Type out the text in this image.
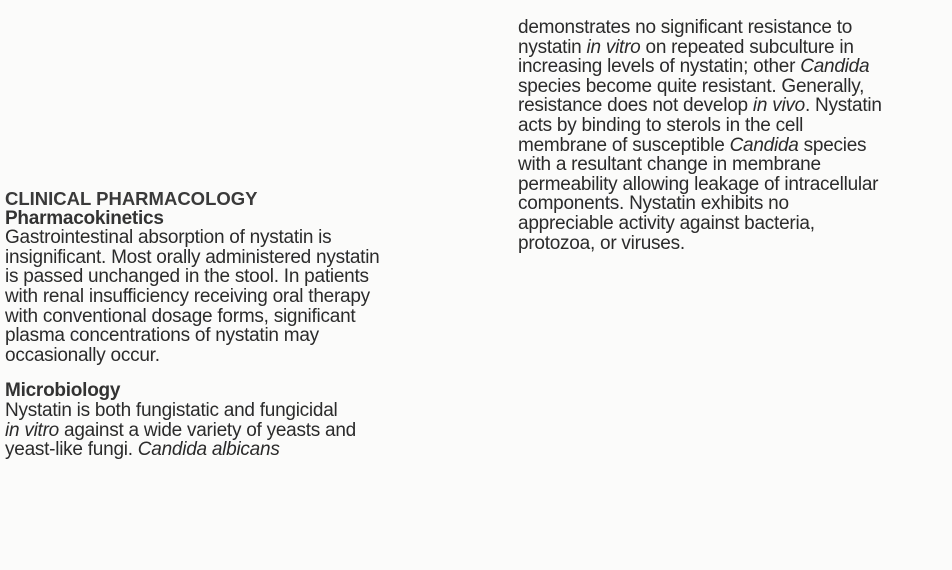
CLINICAL PHARMACOLOGY
Pharmacokinetics
Gastrointestinal absorption of nystatin is
insignificant. Most orally administered nystatin
is passed unchanged in the stool. In patients
with renal insufficiency receiving oral therapy
with conventional dosage forms, significant
plasma concentrations of nystatin may
occasionally occur.
Microbiology
Nystatin is both fungistatic and fungicidal
in vitro against a wide variety of yeasts and
yeast-like fungi. Candida albicans
demonstrates no significant resistance to
nystatin in vitro on repeated subculture in
increasing levels of nystatin; other Candida
species become quite resistant. Generally,
resistance does not develop in vivo. Nystatin
acts by binding to sterols in the cell
membrane of susceptible Candida species
with a resultant change in membrane
permeability allowing leakage of intracellular
components. Nystatin exhibits no
appreciable activity against bacteria,
protozoa, or viruses.
